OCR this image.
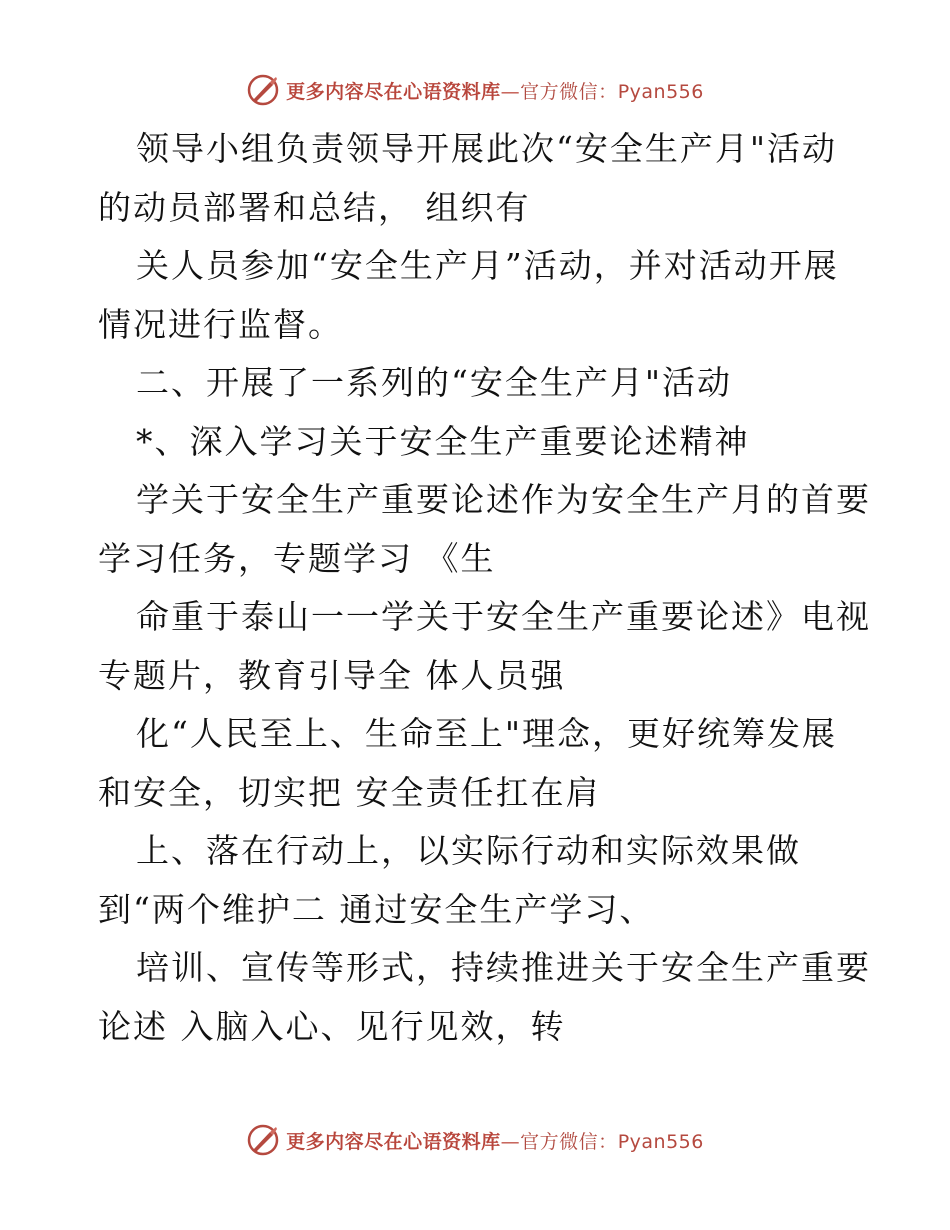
更多内容尽在心语资料库—官方微信：Pyan556
领导小组负责领导开展此次“安全生产月"活动
的动员部署和总结， 组织有
关人员参加“安全生产月”活动，并对活动开展
情况进行监督。
二、开展了一系列的“安全生产月"活动
*、深入学习关于安全生产重要论述精神
学关于安全生产重要论述作为安全生产月的首要
学习任务，专题学习 《生
命重于泰山一一学关于安全生产重要论述》电视
专题片，教育引导全 体人员强
化“人民至上、生命至上"理念，更好统筹发展
和安全，切实把 安全责任扛在肩
上、落在行动上，以实际行动和实际效果做
到“两个维护二 通过安全生产学习、
培训、宣传等形式，持续推进关于安全生产重要
论述 入脑入心、见行见效，转
更多内容尽在心语资料库—官方微信：Pyan556
